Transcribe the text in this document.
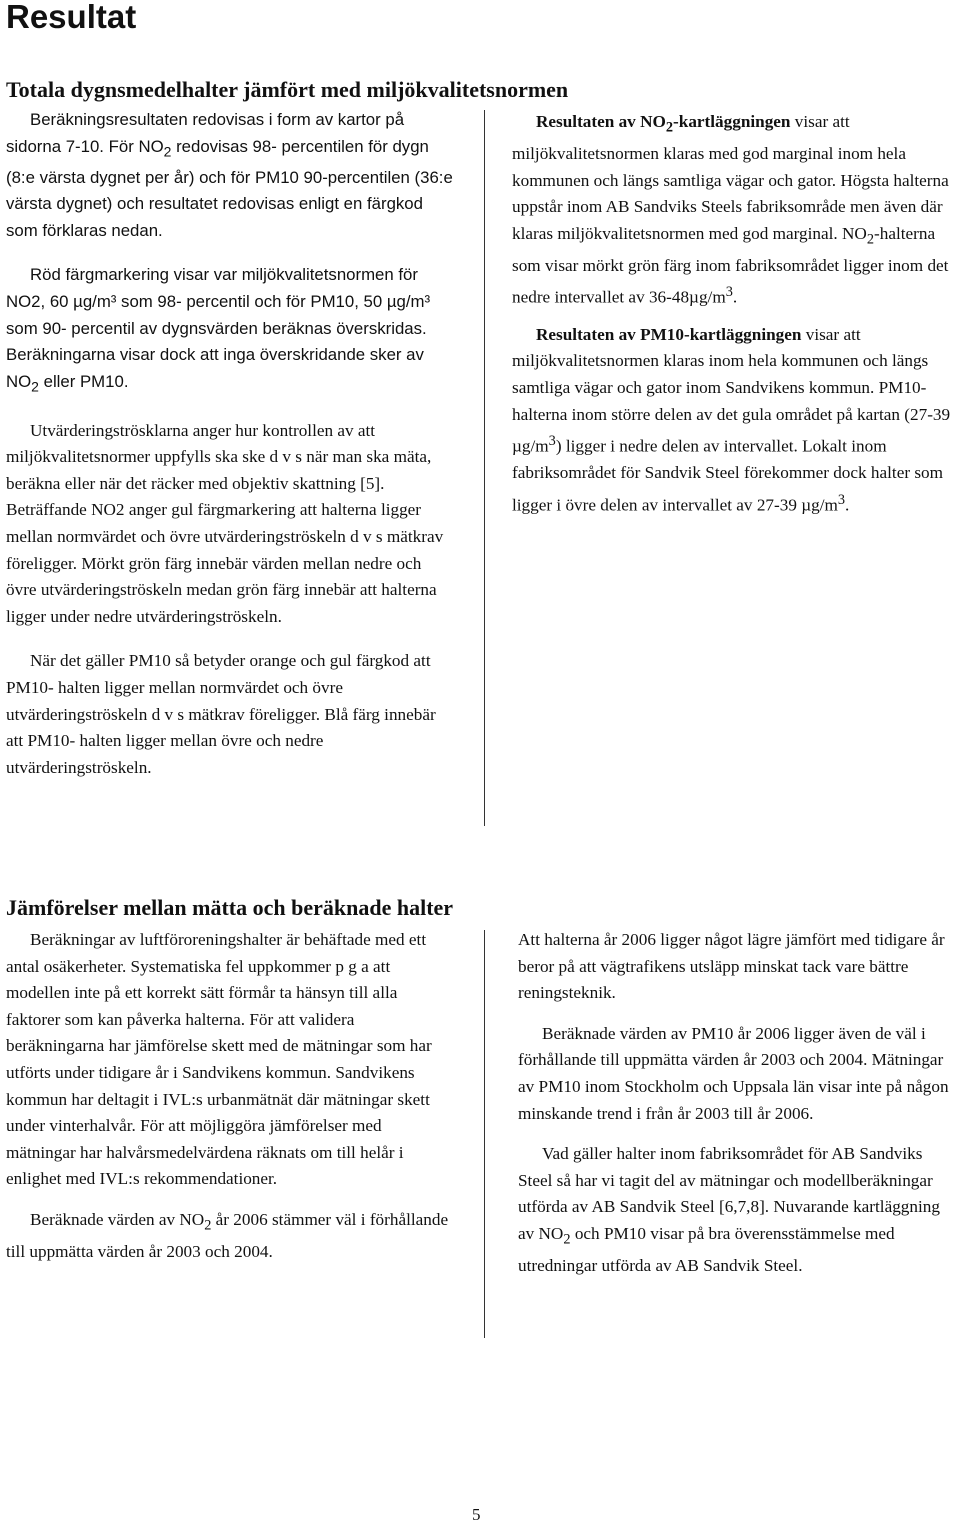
Resultat
Totala dygnsmedelhalter jämfört med miljökvalitetsnormen

Beräkningsresultaten redovisas i form av kartor på sidorna 7-10. För $NO_2$ redovisas 98- percentilen för dygn (8:e värsta dygnet per år) och för PM10 90-percentilen (36:e värsta dygnet) och resultatet redovisas enligt en färgkod som förklaras nedan.

Röd färgmarkering visar var miljökvalitetsnormen för NO2, 60 µg/m³ som 98- percentil och för PM10, 50 µg/m³ som 90- percentil av dygnsvärden beräknas överskridas. Beräkningarna visar dock att inga överskridande sker av $NO_2$ eller PM10.

Utvärderingströsklarna anger hur kontrollen av att miljökvalitetsnormer uppfylls ska ske d v s när man ska mäta, beräkna eller när det räcker med objektiv skattning [5]. Beträffande NO2 anger gul färgmarkering att halterna ligger mellan normvärdet och övre utvärderingströskeln d v s mätkrav föreligger. Mörkt grön färg innebär värden mellan nedre och övre utvärderingströskeln medan grön färg innebär att halterna ligger under nedre utvärderingströskeln.

När det gäller PM10 så betyder orange och gul färgkod att PM10- halten ligger mellan normvärdet och övre utvärderingströskeln d v s mätkrav föreligger. Blå färg innebär att PM10- halten ligger mellan övre och nedre utvärderingströskeln.

Resultaten av $NO_2$-kartläggningen visar att miljökvalitetsnormen klaras med god marginal inom hela kommunen och längs samtliga vägar och gator. Högsta halterna uppstår inom AB Sandviks Steels fabriksområde men även där klaras miljökvalitetsnormen med god marginal. $NO_2$-halterna som visar mörkt grön färg inom fabriksområdet ligger inom det nedre intervallet av $36-48\mu g/m^3$.

Resultaten av PM10-kartläggningen visar att miljökvalitetsnormen klaras inom hela kommunen och längs samtliga vägar och gator inom Sandvikens kommun. PM10-halterna inom större delen av det gula området på kartan (27-39 $\mu g/m^3$) ligger i nedre delen av intervallet. Lokalt inom fabriksområdet för Sandvik Steel förekommer dock halter som ligger i övre delen av intervallet av 27-39 $\mu g/m^3$.

Jämförelser mellan mätta och beräknade halter

Beräkningar av luftföroreningshalter är behäftade med ett antal osäkerheter. Systematiska fel uppkommer p g a att modellen inte på ett korrekt sätt förmår ta hänsyn till alla faktorer som kan påverka halterna. För att validera beräkningarna har jämförelse skett med de mätningar som har utförts under tidigare år i Sandvikens kommun. Sandvikens kommun har deltagit i IVL:s urbanmätnät där mätningar skett under vinterhalvår. För att möjliggöra jämförelser med mätningar har halvårsmedelvärdena räknats om till helår i enlighet med IVL:s rekommendationer.

Beräknade värden av $NO_2$ år 2006 stämmer väl i förhållande till uppmätta värden år 2003 och 2004.

Att halterna år 2006 ligger något lägre jämfört med tidigare år beror på att vägtrafikens utsläpp minskat tack vare bättre reningsteknik.

Beräknade värden av PM10 år 2006 ligger även de väl i förhållande till uppmätta värden år 2003 och 2004. Mätningar av PM10 inom Stockholm och Uppsala län visar inte på någon minskande trend i från år 2003 till år 2006.

Vad gäller halter inom fabriksområdet för AB Sandviks Steel så har vi tagit del av mätningar och modellberäkningar utförda av AB Sandvik Steel [6,7,8]. Nuvarande kartläggning av $NO_2$ och PM10 visar på bra överensstämmelse med utredningar utförda av AB Sandvik Steel.

5
